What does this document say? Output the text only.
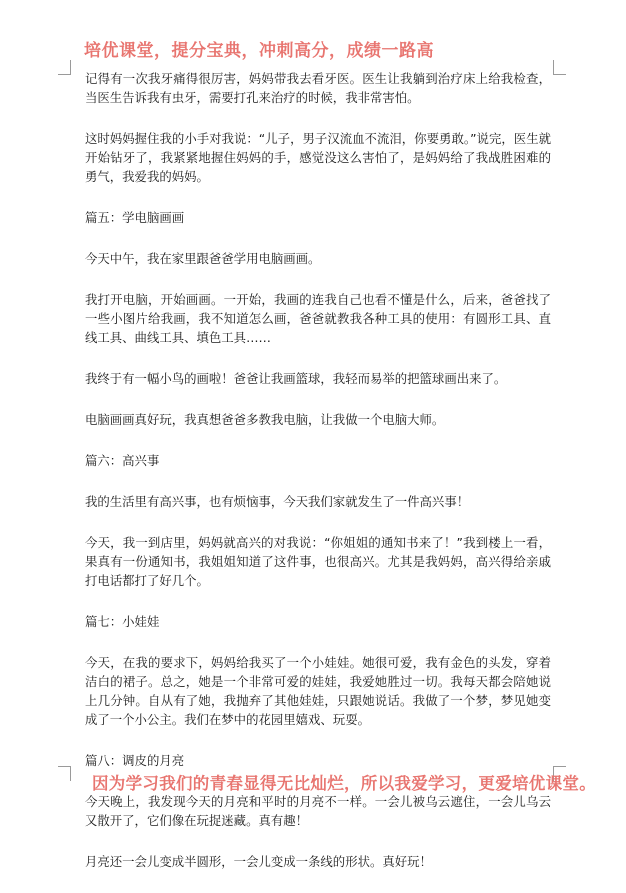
培优课堂，提分宝典，冲刺高分，成绩一路高

记得有一次我牙痛得很厉害，妈妈带我去看牙医。医生让我躺到治疗床上给我检查，当医生告诉我有虫牙，需要打孔来治疗的时候，我非常害怕。

这时妈妈握住我的小手对我说：“儿子，男子汉流血不流泪，你要勇敢。”说完，医生就开始钻牙了，我紧紧地握住妈妈的手，感觉没这么害怕了，是妈妈给了我战胜困难的勇气，我爱我的妈妈。

篇五：学电脑画画

今天中午，我在家里跟爸爸学用电脑画画。

我打开电脑，开始画画。一开始，我画的连我自己也看不懂是什么，后来，爸爸找了一些小图片给我画，我不知道怎么画，爸爸就教我各种工具的使用：有圆形工具、直线工具、曲线工具、填色工具……

我终于有一幅小鸟的画啦！爸爸让我画篮球，我轻而易举的把篮球画出来了。

电脑画画真好玩，我真想爸爸多教我电脑，让我做一个电脑大师。

篇六：高兴事

我的生活里有高兴事，也有烦恼事，今天我们家就发生了一件高兴事！

今天，我一到店里，妈妈就高兴的对我说：“你姐姐的通知书来了！”我到楼上一看，果真有一份通知书，我姐姐知道了这件事，也很高兴。尤其是我妈妈，高兴得给亲戚打电话都打了好几个。

篇七：小娃娃

今天，在我的要求下，妈妈给我买了一个小娃娃。她很可爱，我有金色的头发，穿着洁白的裙子。总之，她是一个非常可爱的娃娃，我爱她胜过一切。我每天都会陪她说上几分钟。自从有了她，我抛弃了其他娃娃，只跟她说话。我做了一个梦，梦见她变成了一个小公主。我们在梦中的花园里嬉戏、玩耍。

篇八：调皮的月亮

今天晚上，我发现今天的月亮和平时的月亮不一样。一会儿被乌云遮住，一会儿乌云又散开了，它们像在玩捉迷藏。真有趣！

月亮还一会儿变成半圆形，一会儿变成一条线的形状。真好玩！

因为学习我们的青春显得无比灿烂，所以我爱学习，更爱培优课堂。
